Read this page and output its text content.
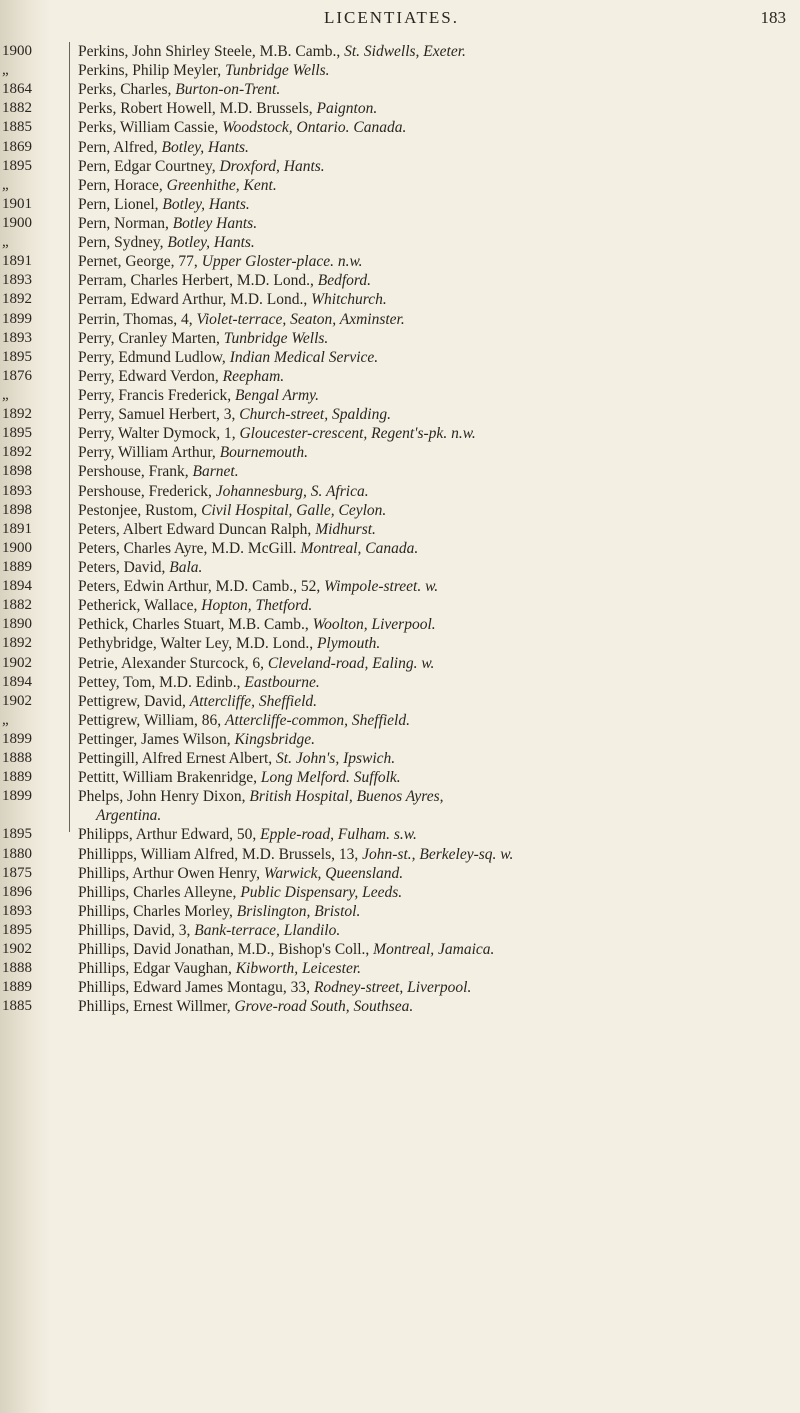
LICENTIATES.	183
1900	Perkins, John Shirley Steele, M.B. Camb., St. Sidwells, Exeter.
„	Perkins, Philip Meyler, Tunbridge Wells.
1864	Perks, Charles, Burton-on-Trent.
1882	Perks, Robert Howell, M.D. Brussels, Paignton.
1885	Perks, William Cassie, Woodstock, Ontario. Canada.
1869	Pern, Alfred, Botley, Hants.
1895	Pern, Edgar Courtney, Droxford, Hants.
„	Pern, Horace, Greenhithe, Kent.
1901	Pern, Lionel, Botley, Hants.
1900	Pern, Norman, Botley Hants.
„	Pern, Sydney, Botley, Hants.
1891	Pernet, George, 77, Upper Gloster-place. n.w.
1893	Perram, Charles Herbert, M.D. Lond., Bedford.
1892	Perram, Edward Arthur, M.D. Lond., Whitchurch.
1899	Perrin, Thomas, 4, Violet-terrace, Seaton, Axminster.
1893	Perry, Cranley Marten, Tunbridge Wells.
1895	Perry, Edmund Ludlow, Indian Medical Service.
1876	Perry, Edward Verdon, Reepham.
„	Perry, Francis Frederick, Bengal Army.
1892	Perry, Samuel Herbert, 3, Church-street, Spalding.
1895	Perry, Walter Dymock, 1, Gloucester-crescent, Regent's-pk. n.w.
1892	Perry, William Arthur, Bournemouth.
1898	Pershouse, Frank, Barnet.
1893	Pershouse, Frederick, Johannesburg, S. Africa.
1898	Pestonjee, Rustom, Civil Hospital, Galle, Ceylon.
1891	Peters, Albert Edward Duncan Ralph, Midhurst.
1900	Peters, Charles Ayre, M.D. McGill. Montreal, Canada.
1889	Peters, David, Bala.
1894	Peters, Edwin Arthur, M.D. Camb., 52, Wimpole-street. w.
1882	Petherick, Wallace, Hopton, Thetford.
1890	Pethick, Charles Stuart, M.B. Camb., Woolton, Liverpool.
1892	Pethybridge, Walter Ley, M.D. Lond., Plymouth.
1902	Petrie, Alexander Sturcock, 6, Cleveland-road, Ealing. w.
1894	Pettey, Tom, M.D. Edinb., Eastbourne.
1902	Pettigrew, David, Attercliffe, Sheffield.
„	Pettigrew, William, 86, Attercliffe-common, Sheffield.
1899	Pettinger, James Wilson, Kingsbridge.
1888	Pettingill, Alfred Ernest Albert, St. John's, Ipswich.
1889	Pettitt, William Brakenridge, Long Melford. Suffolk.
1899	Phelps, John Henry Dixon, British Hospital, Buenos Ayres,
Argentina.
1895	Philipps, Arthur Edward, 50, Epple-road, Fulham. s.w.
1880	Phillipps, William Alfred, M.D. Brussels, 13, John-st., Berkeley-sq. w.
1875	Phillips, Arthur Owen Henry, Warwick, Queensland.
1896	Phillips, Charles Alleyne, Public Dispensary, Leeds.
1893	Phillips, Charles Morley, Brislington, Bristol.
1895	Phillips, David, 3, Bank-terrace, Llandilo.
1902	Phillips, David Jonathan, M.D., Bishop's Coll., Montreal, Jamaica.
1888	Phillips, Edgar Vaughan, Kibworth, Leicester.
1889	Phillips, Edward James Montagu, 33, Rodney-street, Liverpool.
1885	Phillips, Ernest Willmer, Grove-road South, Southsea.
